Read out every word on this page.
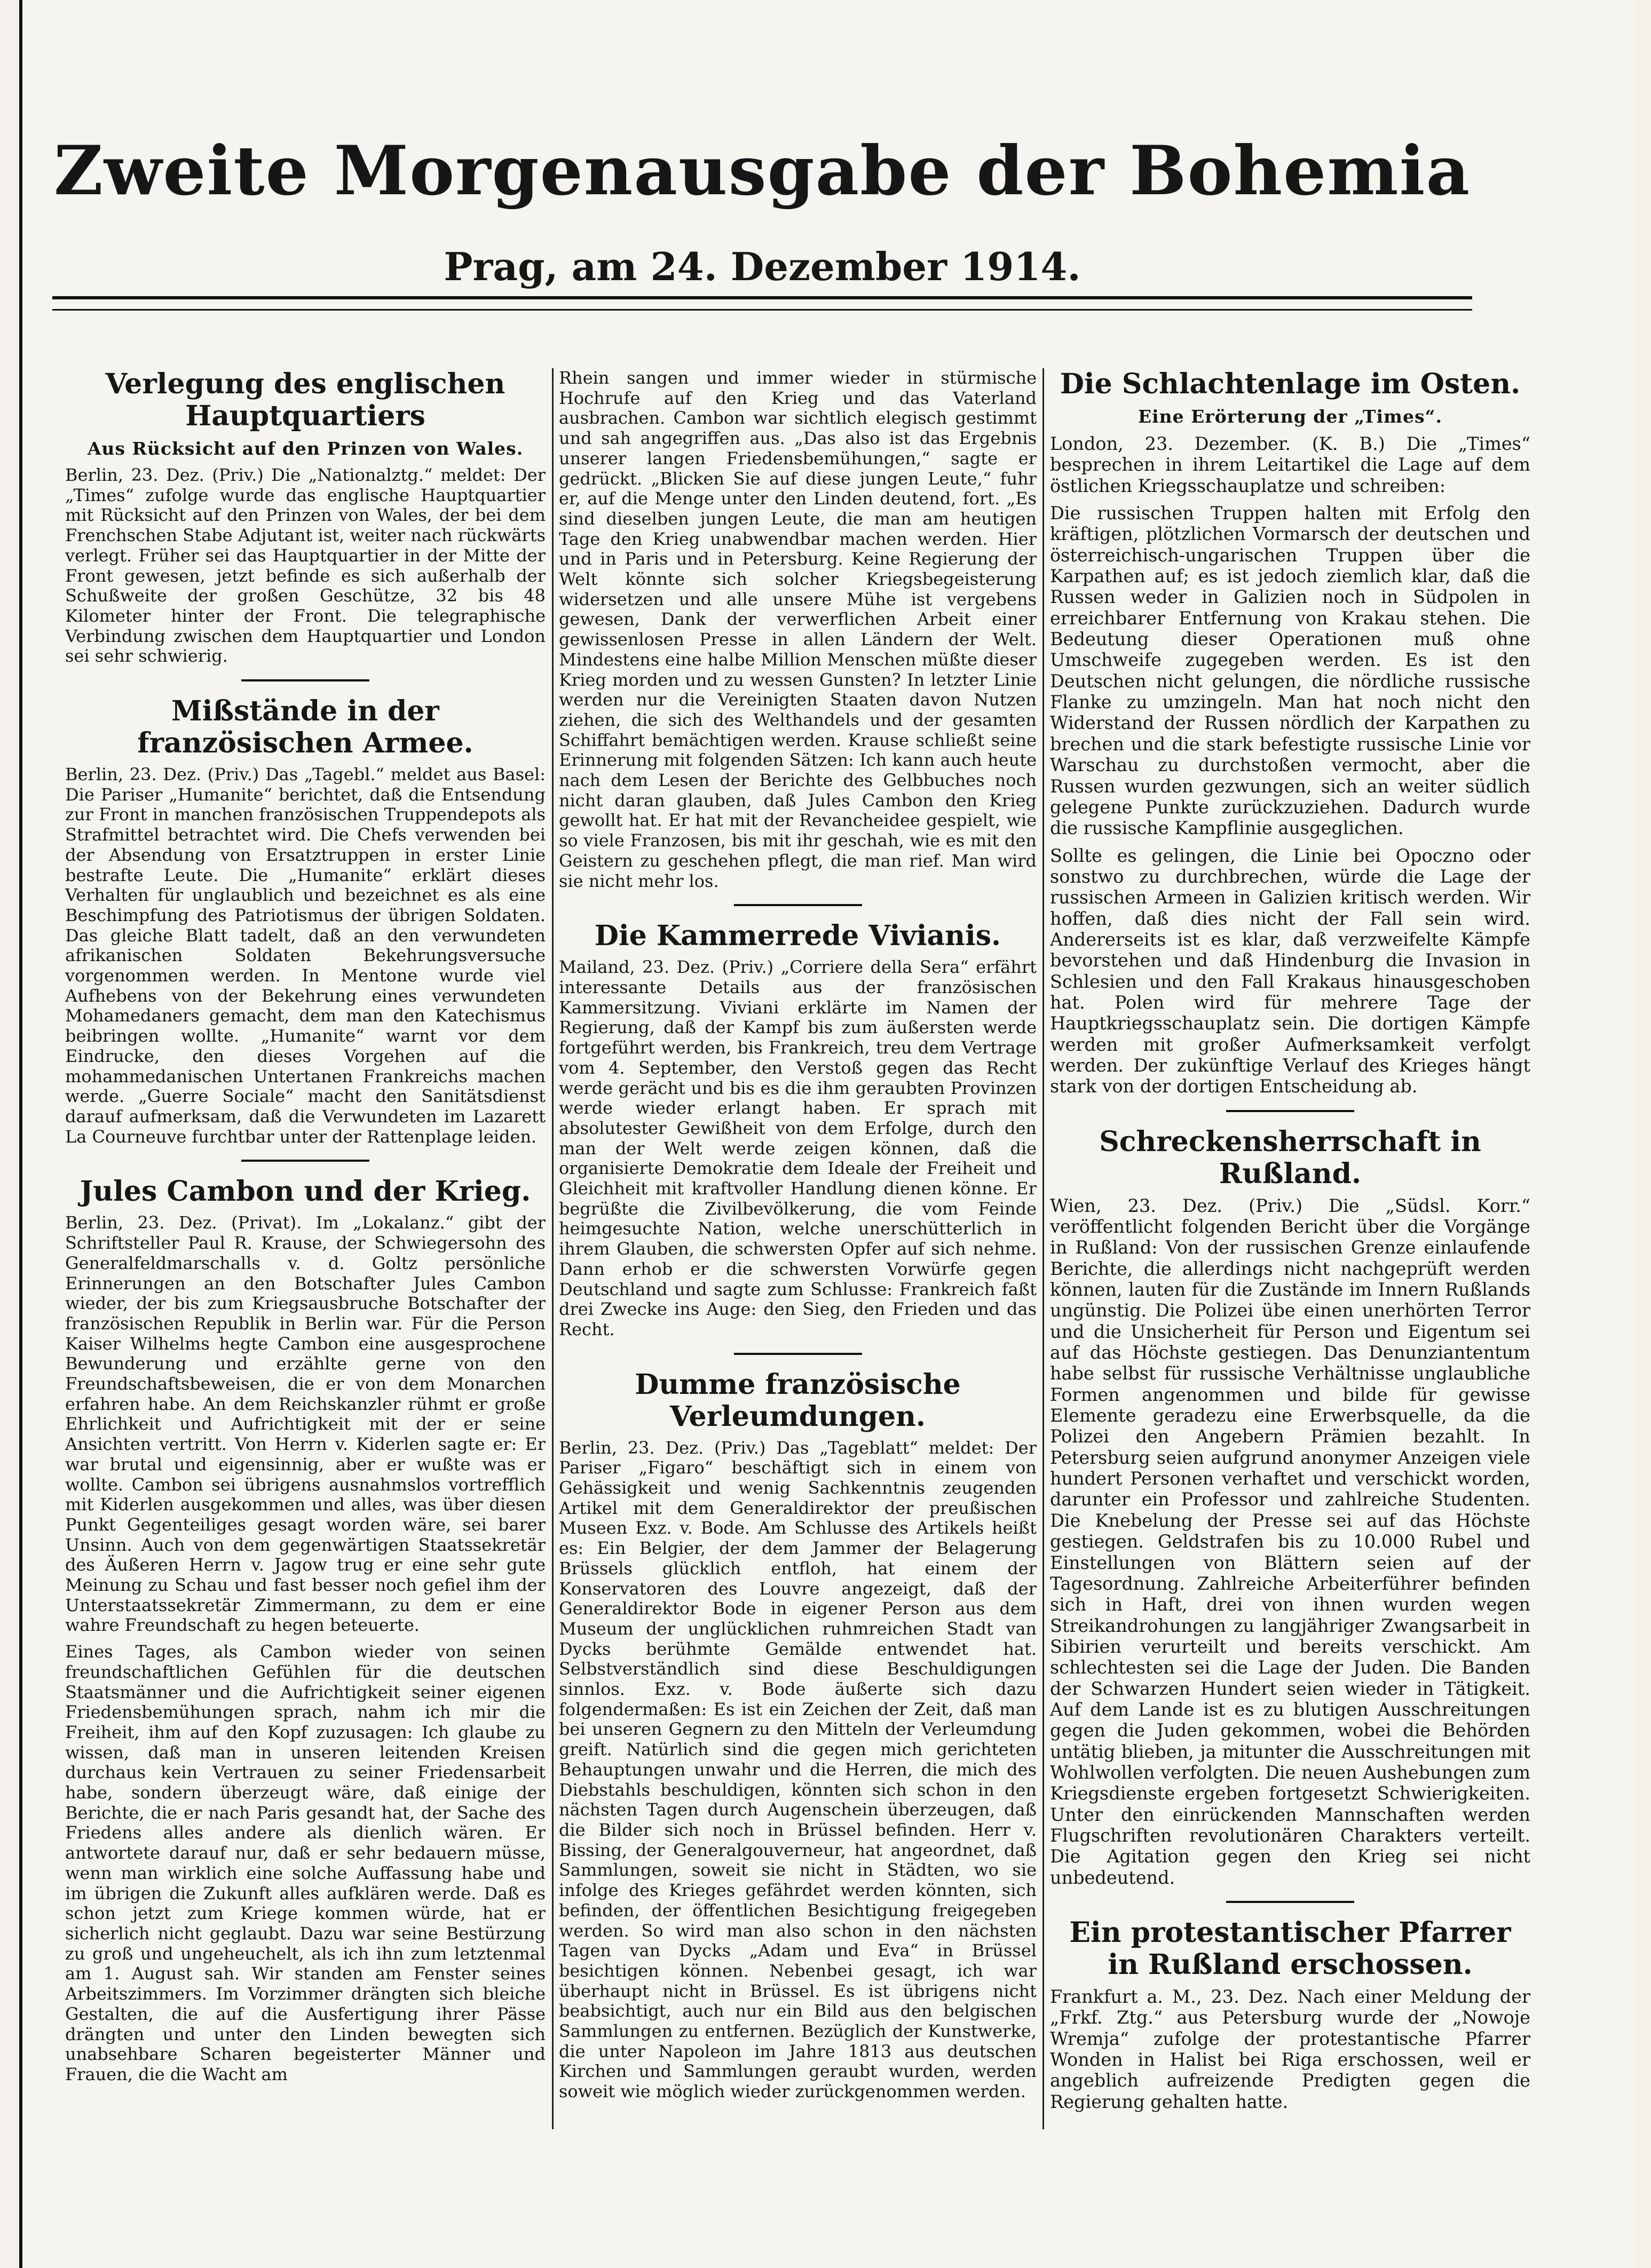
Zweite Morgenausgabe der Bohemia
Prag, am 24. Dezember 1914.
Verlegung des englischen Hauptquartiers
Aus Rücksicht auf den Prinzen von Wales.

Berlin, 23. Dez. (Priv.) Die „Nationalztg.“ meldet: Der „Times“ zufolge wurde das englische Hauptquartier mit Rücksicht auf den Prinzen von Wales, der bei dem Frenchschen Stabe Adjutant ist, weiter nach rückwärts verlegt. Früher sei das Hauptquartier in der Mitte der Front gewesen, jetzt befinde es sich außerhalb der Schußweite der großen Geschütze, 32 bis 48 Kilometer hinter der Front. Die telegraphische Verbindung zwischen dem Hauptquartier und London sei sehr schwierig.

Mißstände in der französischen Armee.

Berlin, 23. Dez. (Priv.) Das „Tagebl.“ meldet aus Basel: Die Pariser „Humanite“ berichtet, daß die Entsendung zur Front in manchen französischen Truppendepots als Strafmittel betrachtet wird. Die Chefs verwenden bei der Absendung von Ersatztruppen in erster Linie bestrafte Leute. Die „Humanite“ erklärt dieses Verhalten für unglaublich und bezeichnet es als eine Beschimpfung des Patriotismus der übrigen Soldaten. Das gleiche Blatt tadelt, daß an den verwundeten afrikanischen Soldaten Bekehrungsversuche vorgenommen werden. In Mentone wurde viel Aufhebens von der Bekehrung eines verwundeten Mohamedaners gemacht, dem man den Katechismus beibringen wollte. „Humanite“ warnt vor dem Eindrucke, den dieses Vorgehen auf die mohammedanischen Untertanen Frankreichs machen werde. „Guerre Sociale“ macht den Sanitätsdienst darauf aufmerksam, daß die Verwundeten im Lazarett La Courneuve furchtbar unter der Rattenplage leiden.

Jules Cambon und der Krieg.

Berlin, 23. Dez. (Privat). Im „Lokalanz.“ gibt der Schriftsteller Paul R. Krause, der Schwiegersohn des Generalfeldmarschalls v. d. Goltz persönliche Erinnerungen an den Botschafter Jules Cambon wieder, der bis zum Kriegsausbruche Botschafter der französischen Republik in Berlin war. Für die Person Kaiser Wilhelms hegte Cambon eine ausgesprochene Bewunderung und erzählte gerne von den Freundschaftsbeweisen, die er von dem Monarchen erfahren habe. An dem Reichskanzler rühmt er große Ehrlichkeit und Aufrichtigkeit mit der er seine Ansichten vertritt. Von Herrn v. Kiderlen sagte er: Er war brutal und eigensinnig, aber er wußte was er wollte. Cambon sei übrigens ausnahmslos vortrefflich mit Kiderlen ausgekommen und alles, was über diesen Punkt Gegenteiliges gesagt worden wäre, sei barer Unsinn. Auch von dem gegenwärtigen Staatssekretär des Äußeren Herrn v. Jagow trug er eine sehr gute Meinung zu Schau und fast besser noch gefiel ihm der Unterstaatssekretär Zimmermann, zu dem er eine wahre Freundschaft zu hegen beteuerte.

Eines Tages, als Cambon wieder von seinen freundschaftlichen Gefühlen für die deutschen Staatsmänner und die Aufrichtigkeit seiner eigenen Friedensbemühungen sprach, nahm ich mir die Freiheit, ihm auf den Kopf zuzusagen: Ich glaube zu wissen, daß man in unseren leitenden Kreisen durchaus kein Vertrauen zu seiner Friedensarbeit habe, sondern überzeugt wäre, daß einige der Berichte, die er nach Paris gesandt hat, der Sache des Friedens alles andere als dienlich wären. Er antwortete darauf nur, daß er sehr bedauern müsse, wenn man wirklich eine solche Auffassung habe und im übrigen die Zukunft alles aufklären werde. Daß es schon jetzt zum Kriege kommen würde, hat er sicherlich nicht geglaubt. Dazu war seine Bestürzung zu groß und ungeheuchelt, als ich ihn zum letztenmal am 1. August sah. Wir standen am Fenster seines Arbeitszimmers. Im Vorzimmer drängten sich bleiche Gestalten, die auf die Ausfertigung ihrer Pässe drängten und unter den Linden bewegten sich unabsehbare Scharen begeisterter Männer und Frauen, die die Wacht am

Rhein sangen und immer wieder in stürmische Hochrufe auf den Krieg und das Vaterland ausbrachen. Cambon war sichtlich elegisch gestimmt und sah angegriffen aus. „Das also ist das Ergebnis unserer langen Friedensbemühungen,“ sagte er gedrückt. „Blicken Sie auf diese jungen Leute,“ fuhr er, auf die Menge unter den Linden deutend, fort. „Es sind dieselben jungen Leute, die man am heutigen Tage den Krieg unabwendbar machen werden. Hier und in Paris und in Petersburg. Keine Regierung der Welt könnte sich solcher Kriegsbegeisterung widersetzen und alle unsere Mühe ist vergebens gewesen, Dank der verwerflichen Arbeit einer gewissenlosen Presse in allen Ländern der Welt. Mindestens eine halbe Million Menschen müßte dieser Krieg morden und zu wessen Gunsten? In letzter Linie werden nur die Vereinigten Staaten davon Nutzen ziehen, die sich des Welthandels und der gesamten Schiffahrt bemächtigen werden. Krause schließt seine Erinnerung mit folgenden Sätzen: Ich kann auch heute nach dem Lesen der Berichte des Gelbbuches noch nicht daran glauben, daß Jules Cambon den Krieg gewollt hat. Er hat mit der Revancheidee gespielt, wie so viele Franzosen, bis mit ihr geschah, wie es mit den Geistern zu geschehen pflegt, die man rief. Man wird sie nicht mehr los.

Die Kammerrede Vivianis.

Mailand, 23. Dez. (Priv.) „Corriere della Sera“ erfährt interessante Details aus der französischen Kammersitzung. Viviani erklärte im Namen der Regierung, daß der Kampf bis zum äußersten werde fortgeführt werden, bis Frankreich, treu dem Vertrage vom 4. September, den Verstoß gegen das Recht werde gerächt und bis es die ihm geraubten Provinzen werde wieder erlangt haben. Er sprach mit absolutester Gewißheit von dem Erfolge, durch den man der Welt werde zeigen können, daß die organisierte Demokratie dem Ideale der Freiheit und Gleichheit mit kraftvoller Handlung dienen könne. Er begrüßte die Zivilbevölkerung, die vom Feinde heimgesuchte Nation, welche unerschütterlich in ihrem Glauben, die schwersten Opfer auf sich nehme. Dann erhob er die schwersten Vorwürfe gegen Deutschland und sagte zum Schlusse: Frankreich faßt drei Zwecke ins Auge: den Sieg, den Frieden und das Recht.

Dumme französische Verleumdungen.

Berlin, 23. Dez. (Priv.) Das „Tageblatt“ meldet: Der Pariser „Figaro“ beschäftigt sich in einem von Gehässigkeit und wenig Sachkenntnis zeugenden Artikel mit dem Generaldirektor der preußischen Museen Exz. v. Bode. Am Schlusse des Artikels heißt es: Ein Belgier, der dem Jammer der Belagerung Brüssels glücklich entfloh, hat einem der Konservatoren des Louvre angezeigt, daß der Generaldirektor Bode in eigener Person aus dem Museum der unglücklichen ruhmreichen Stadt van Dycks berühmte Gemälde entwendet hat. Selbstverständlich sind diese Beschuldigungen sinnlos. Exz. v. Bode äußerte sich dazu folgendermaßen: Es ist ein Zeichen der Zeit, daß man bei unseren Gegnern zu den Mitteln der Verleumdung greift. Natürlich sind die gegen mich gerichteten Behauptungen unwahr und die Herren, die mich des Diebstahls beschuldigen, könnten sich schon in den nächsten Tagen durch Augenschein überzeugen, daß die Bilder sich noch in Brüssel befinden. Herr v. Bissing, der Generalgouverneur, hat angeordnet, daß Sammlungen, soweit sie nicht in Städten, wo sie infolge des Krieges gefährdet werden könnten, sich befinden, der öffentlichen Besichtigung freigegeben werden. So wird man also schon in den nächsten Tagen van Dycks „Adam und Eva“ in Brüssel besichtigen können. Nebenbei gesagt, ich war überhaupt nicht in Brüssel. Es ist übrigens nicht beabsichtigt, auch nur ein Bild aus den belgischen Sammlungen zu entfernen. Bezüglich der Kunstwerke, die unter Napoleon im Jahre 1813 aus deutschen Kirchen und Sammlungen geraubt wurden, werden soweit wie möglich wieder zurückgenommen werden.

Die Schlachtenlage im Osten.
Eine Erörterung der „Times“.

London, 23. Dezember. (K. B.) Die „Times“ besprechen in ihrem Leitartikel die Lage auf dem östlichen Kriegsschauplatze und schreiben:

Die russischen Truppen halten mit Erfolg den kräftigen, plötzlichen Vormarsch der deutschen und österreichisch-ungarischen Truppen über die Karpathen auf; es ist jedoch ziemlich klar, daß die Russen weder in Galizien noch in Südpolen in erreichbarer Entfernung von Krakau stehen. Die Bedeutung dieser Operationen muß ohne Umschweife zugegeben werden. Es ist den Deutschen nicht gelungen, die nördliche russische Flanke zu umzingeln. Man hat noch nicht den Widerstand der Russen nördlich der Karpathen zu brechen und die stark befestigte russische Linie vor Warschau zu durchstoßen vermocht, aber die Russen wurden gezwungen, sich an weiter südlich gelegene Punkte zurückzuziehen. Dadurch wurde die russische Kampflinie ausgeglichen.

Sollte es gelingen, die Linie bei Opoczno oder sonstwo zu durchbrechen, würde die Lage der russischen Armeen in Galizien kritisch werden. Wir hoffen, daß dies nicht der Fall sein wird. Andererseits ist es klar, daß verzweifelte Kämpfe bevorstehen und daß Hindenburg die Invasion in Schlesien und den Fall Krakaus hinausgeschoben hat. Polen wird für mehrere Tage der Hauptkriegsschauplatz sein. Die dortigen Kämpfe werden mit großer Aufmerksamkeit verfolgt werden. Der zukünftige Verlauf des Krieges hängt stark von der dortigen Entscheidung ab.

Schreckensherrschaft in Rußland.

Wien, 23. Dez. (Priv.) Die „Südsl. Korr.“ veröffentlicht folgenden Bericht über die Vorgänge in Rußland: Von der russischen Grenze einlaufende Berichte, die allerdings nicht nachgeprüft werden können, lauten für die Zustände im Innern Rußlands ungünstig. Die Polizei übe einen unerhörten Terror und die Unsicherheit für Person und Eigentum sei auf das Höchste gestiegen. Das Denunziantentum habe selbst für russische Verhältnisse unglaubliche Formen angenommen und bilde für gewisse Elemente geradezu eine Erwerbsquelle, da die Polizei den Angebern Prämien bezahlt. In Petersburg seien aufgrund anonymer Anzeigen viele hundert Personen verhaftet und verschickt worden, darunter ein Professor und zahlreiche Studenten. Die Knebelung der Presse sei auf das Höchste gestiegen. Geldstrafen bis zu 10.000 Rubel und Einstellungen von Blättern seien auf der Tagesordnung. Zahlreiche Arbeiterführer befinden sich in Haft, drei von ihnen wurden wegen Streikandrohungen zu langjähriger Zwangsarbeit in Sibirien verurteilt und bereits verschickt. Am schlechtesten sei die Lage der Juden. Die Banden der Schwarzen Hundert seien wieder in Tätigkeit. Auf dem Lande ist es zu blutigen Ausschreitungen gegen die Juden gekommen, wobei die Behörden untätig blieben, ja mitunter die Ausschreitungen mit Wohlwollen verfolgten. Die neuen Aushebungen zum Kriegsdienste ergeben fortgesetzt Schwierigkeiten. Unter den einrückenden Mannschaften werden Flugschriften revolutionären Charakters verteilt. Die Agitation gegen den Krieg sei nicht unbedeutend.

Ein protestantischer Pfarrer in Rußland erschossen.

Frankfurt a. M., 23. Dez. Nach einer Meldung der „Frkf. Ztg.“ aus Petersburg wurde der „Nowoje Wremja“ zufolge der protestantische Pfarrer Wonden in Halist bei Riga erschossen, weil er angeblich aufreizende Predigten gegen die Regierung gehalten hatte.
